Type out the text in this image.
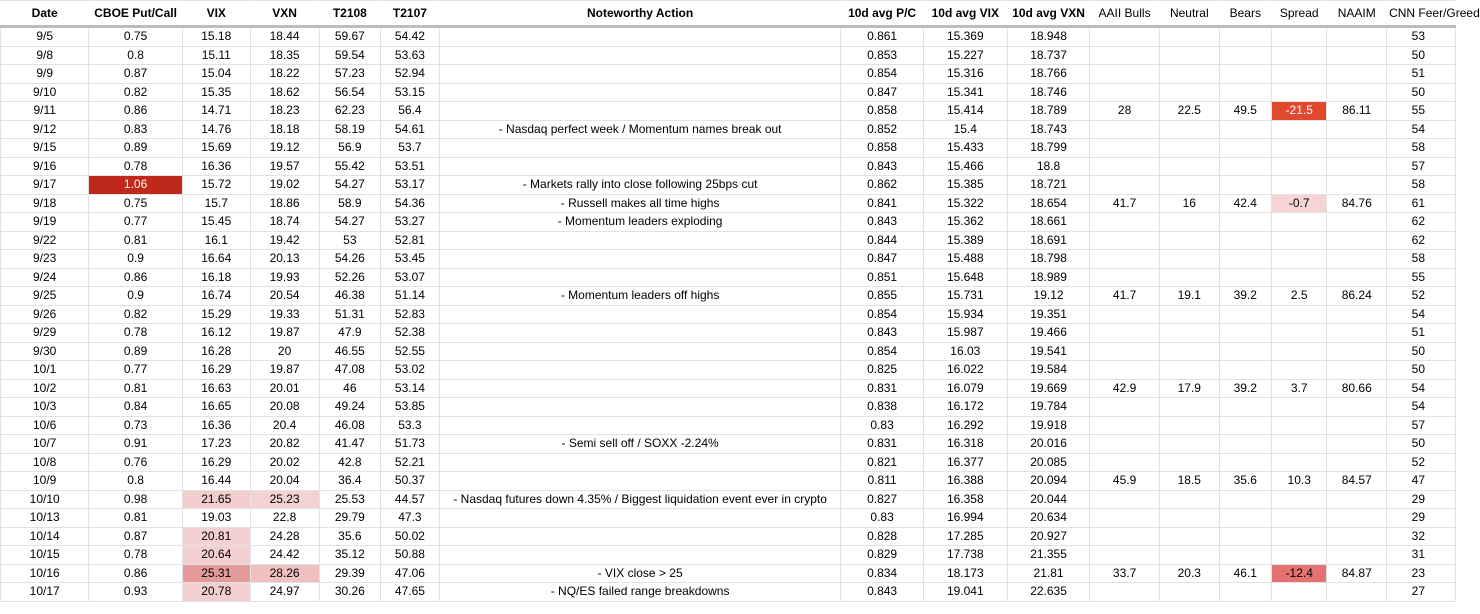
Date	CBOE Put/Call	VIX	VXN	T2108	T2107	Noteworthy Action	10d avg P/C	10d avg VIX	10d avg VXN	AAII Bulls	Neutral	Bears	Spread	NAAIM	CNN Feer/Greed
9/5	0.75	15.18	18.44	59.67	54.42		0.861	15.369	18.948						53
9/8	0.8	15.11	18.35	59.54	53.63		0.853	15.227	18.737						50
9/9	0.87	15.04	18.22	57.23	52.94		0.854	15.316	18.766						51
9/10	0.82	15.35	18.62	56.54	53.15		0.847	15.341	18.746						50
9/11	0.86	14.71	18.23	62.23	56.4		0.858	15.414	18.789	28	22.5	49.5	-21.5	86.11	55
9/12	0.83	14.76	18.18	58.19	54.61	- Nasdaq perfect week / Momentum names break out	0.852	15.4	18.743						54
9/15	0.89	15.69	19.12	56.9	53.7		0.858	15.433	18.799						58
9/16	0.78	16.36	19.57	55.42	53.51		0.843	15.466	18.8						57
9/17	1.06	15.72	19.02	54.27	53.17	- Markets rally into close following 25bps cut	0.862	15.385	18.721						58
9/18	0.75	15.7	18.86	58.9	54.36	- Russell makes all time highs	0.841	15.322	18.654	41.7	16	42.4	-0.7	84.76	61
9/19	0.77	15.45	18.74	54.27	53.27	- Momentum leaders exploding	0.843	15.362	18.661						62
9/22	0.81	16.1	19.42	53	52.81		0.844	15.389	18.691						62
9/23	0.9	16.64	20.13	54.26	53.45		0.847	15.488	18.798						58
9/24	0.86	16.18	19.93	52.26	53.07		0.851	15.648	18.989						55
9/25	0.9	16.74	20.54	46.38	51.14	- Momentum leaders off highs	0.855	15.731	19.12	41.7	19.1	39.2	2.5	86.24	52
9/26	0.82	15.29	19.33	51.31	52.83		0.854	15.934	19.351						54
9/29	0.78	16.12	19.87	47.9	52.38		0.843	15.987	19.466						51
9/30	0.89	16.28	20	46.55	52.55		0.854	16.03	19.541						50
10/1	0.77	16.29	19.87	47.08	53.02		0.825	16.022	19.584						50
10/2	0.81	16.63	20.01	46	53.14		0.831	16.079	19.669	42.9	17.9	39.2	3.7	80.66	54
10/3	0.84	16.65	20.08	49.24	53.85		0.838	16.172	19.784						54
10/6	0.73	16.36	20.4	46.08	53.3		0.83	16.292	19.918						57
10/7	0.91	17.23	20.82	41.47	51.73	- Semi sell off / SOXX -2.24%	0.831	16.318	20.016						50
10/8	0.76	16.29	20.02	42.8	52.21		0.821	16.377	20.085						52
10/9	0.8	16.44	20.04	36.4	50.37		0.811	16.388	20.094	45.9	18.5	35.6	10.3	84.57	47
10/10	0.98	21.65	25.23	25.53	44.57	- Nasdaq futures down 4.35% / Biggest liquidation event ever in crypto	0.827	16.358	20.044						29
10/13	0.81	19.03	22.8	29.79	47.3		0.83	16.994	20.634						29
10/14	0.87	20.81	24.28	35.6	50.02		0.828	17.285	20.927						32
10/15	0.78	20.64	24.42	35.12	50.88		0.829	17.738	21.355						31
10/16	0.86	25.31	28.26	29.39	47.06	- VIX close > 25	0.834	18.173	21.81	33.7	20.3	46.1	-12.4	84.87	23
10/17	0.93	20.78	24.97	30.26	47.65	- NQ/ES failed range breakdowns	0.843	19.041	22.635						27
